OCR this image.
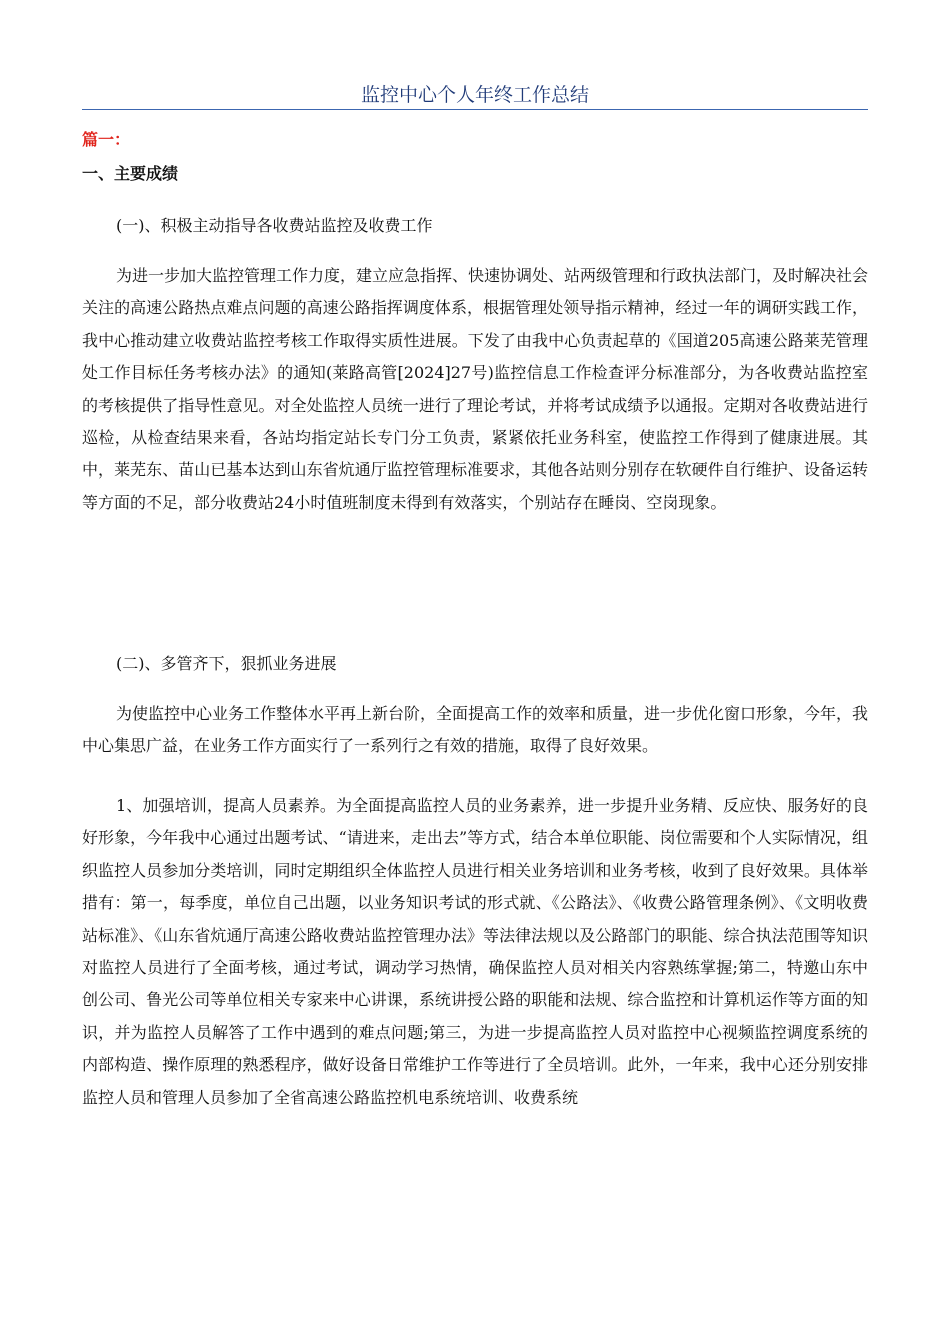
监控中心个人年终工作总结
篇一：
一、主要成绩

(一)、积极主动指导各收费站监控及收费工作

为进一步加大监控管理工作力度，建立应急指挥、快速协调处、站两级管理和行政执法部门，及时解决社会关注的高速公路热点难点问题的高速公路指挥调度体系，根据管理处领导指示精神，经过一年的调研实践工作，我中心推动建立收费站监控考核工作取得实质性进展。下发了由我中心负责起草的《国道205高速公路莱芜管理处工作目标任务考核办法》的通知(莱路高管[2024]27号)监控信息工作检查评分标准部分，为各收费站监控室的考核提供了指导性意见。对全处监控人员统一进行了理论考试，并将考试成绩予以通报。定期对各收费站进行巡检，从检查结果来看，各站均指定站长专门分工负责，紧紧依托业务科室，使监控工作得到了健康进展。其中，莱芜东、苗山已基本达到山东省炕通厅监控管理标准要求，其他各站则分别存在软硬件自行维护、设备运转等方面的不足，部分收费站24小时值班制度未得到有效落实，个别站存在睡岗、空岗现象。

(二)、多管齐下，狠抓业务进展

为使监控中心业务工作整体水平再上新台阶，全面提高工作的效率和质量，进一步优化窗口形象，今年，我中心集思广益，在业务工作方面实行了一系列行之有效的措施，取得了良好效果。

1、加强培训，提高人员素养。为全面提高监控人员的业务素养，进一步提升业务精、反应快、服务好的良好形象，今年我中心通过出题考试、“请进来，走出去”等方式，结合本单位职能、岗位需要和个人实际情况，组织监控人员参加分类培训，同时定期组织全体监控人员进行相关业务培训和业务考核，收到了良好效果。具体举措有：第一，每季度，单位自己出题，以业务知识考试的形式就、《公路法》、《收费公路管理条例》、《文明收费站标准》、《山东省炕通厅高速公路收费站监控管理办法》等法律法规以及公路部门的职能、综合执法范围等知识对监控人员进行了全面考核，通过考试，调动学习热情，确保监控人员对相关内容熟练掌握;第二，特邀山东中创公司、鲁光公司等单位相关专家来中心讲课，系统讲授公路的职能和法规、综合监控和计算机运作等方面的知识，并为监控人员解答了工作中遇到的难点问题;第三，为进一步提高监控人员对监控中心视频监控调度系统的内部构造、操作原理的熟悉程序，做好设备日常维护工作等进行了全员培训。此外，一年来，我中心还分别安排监控人员和管理人员参加了全省高速公路监控机电系统培训、收费系统
